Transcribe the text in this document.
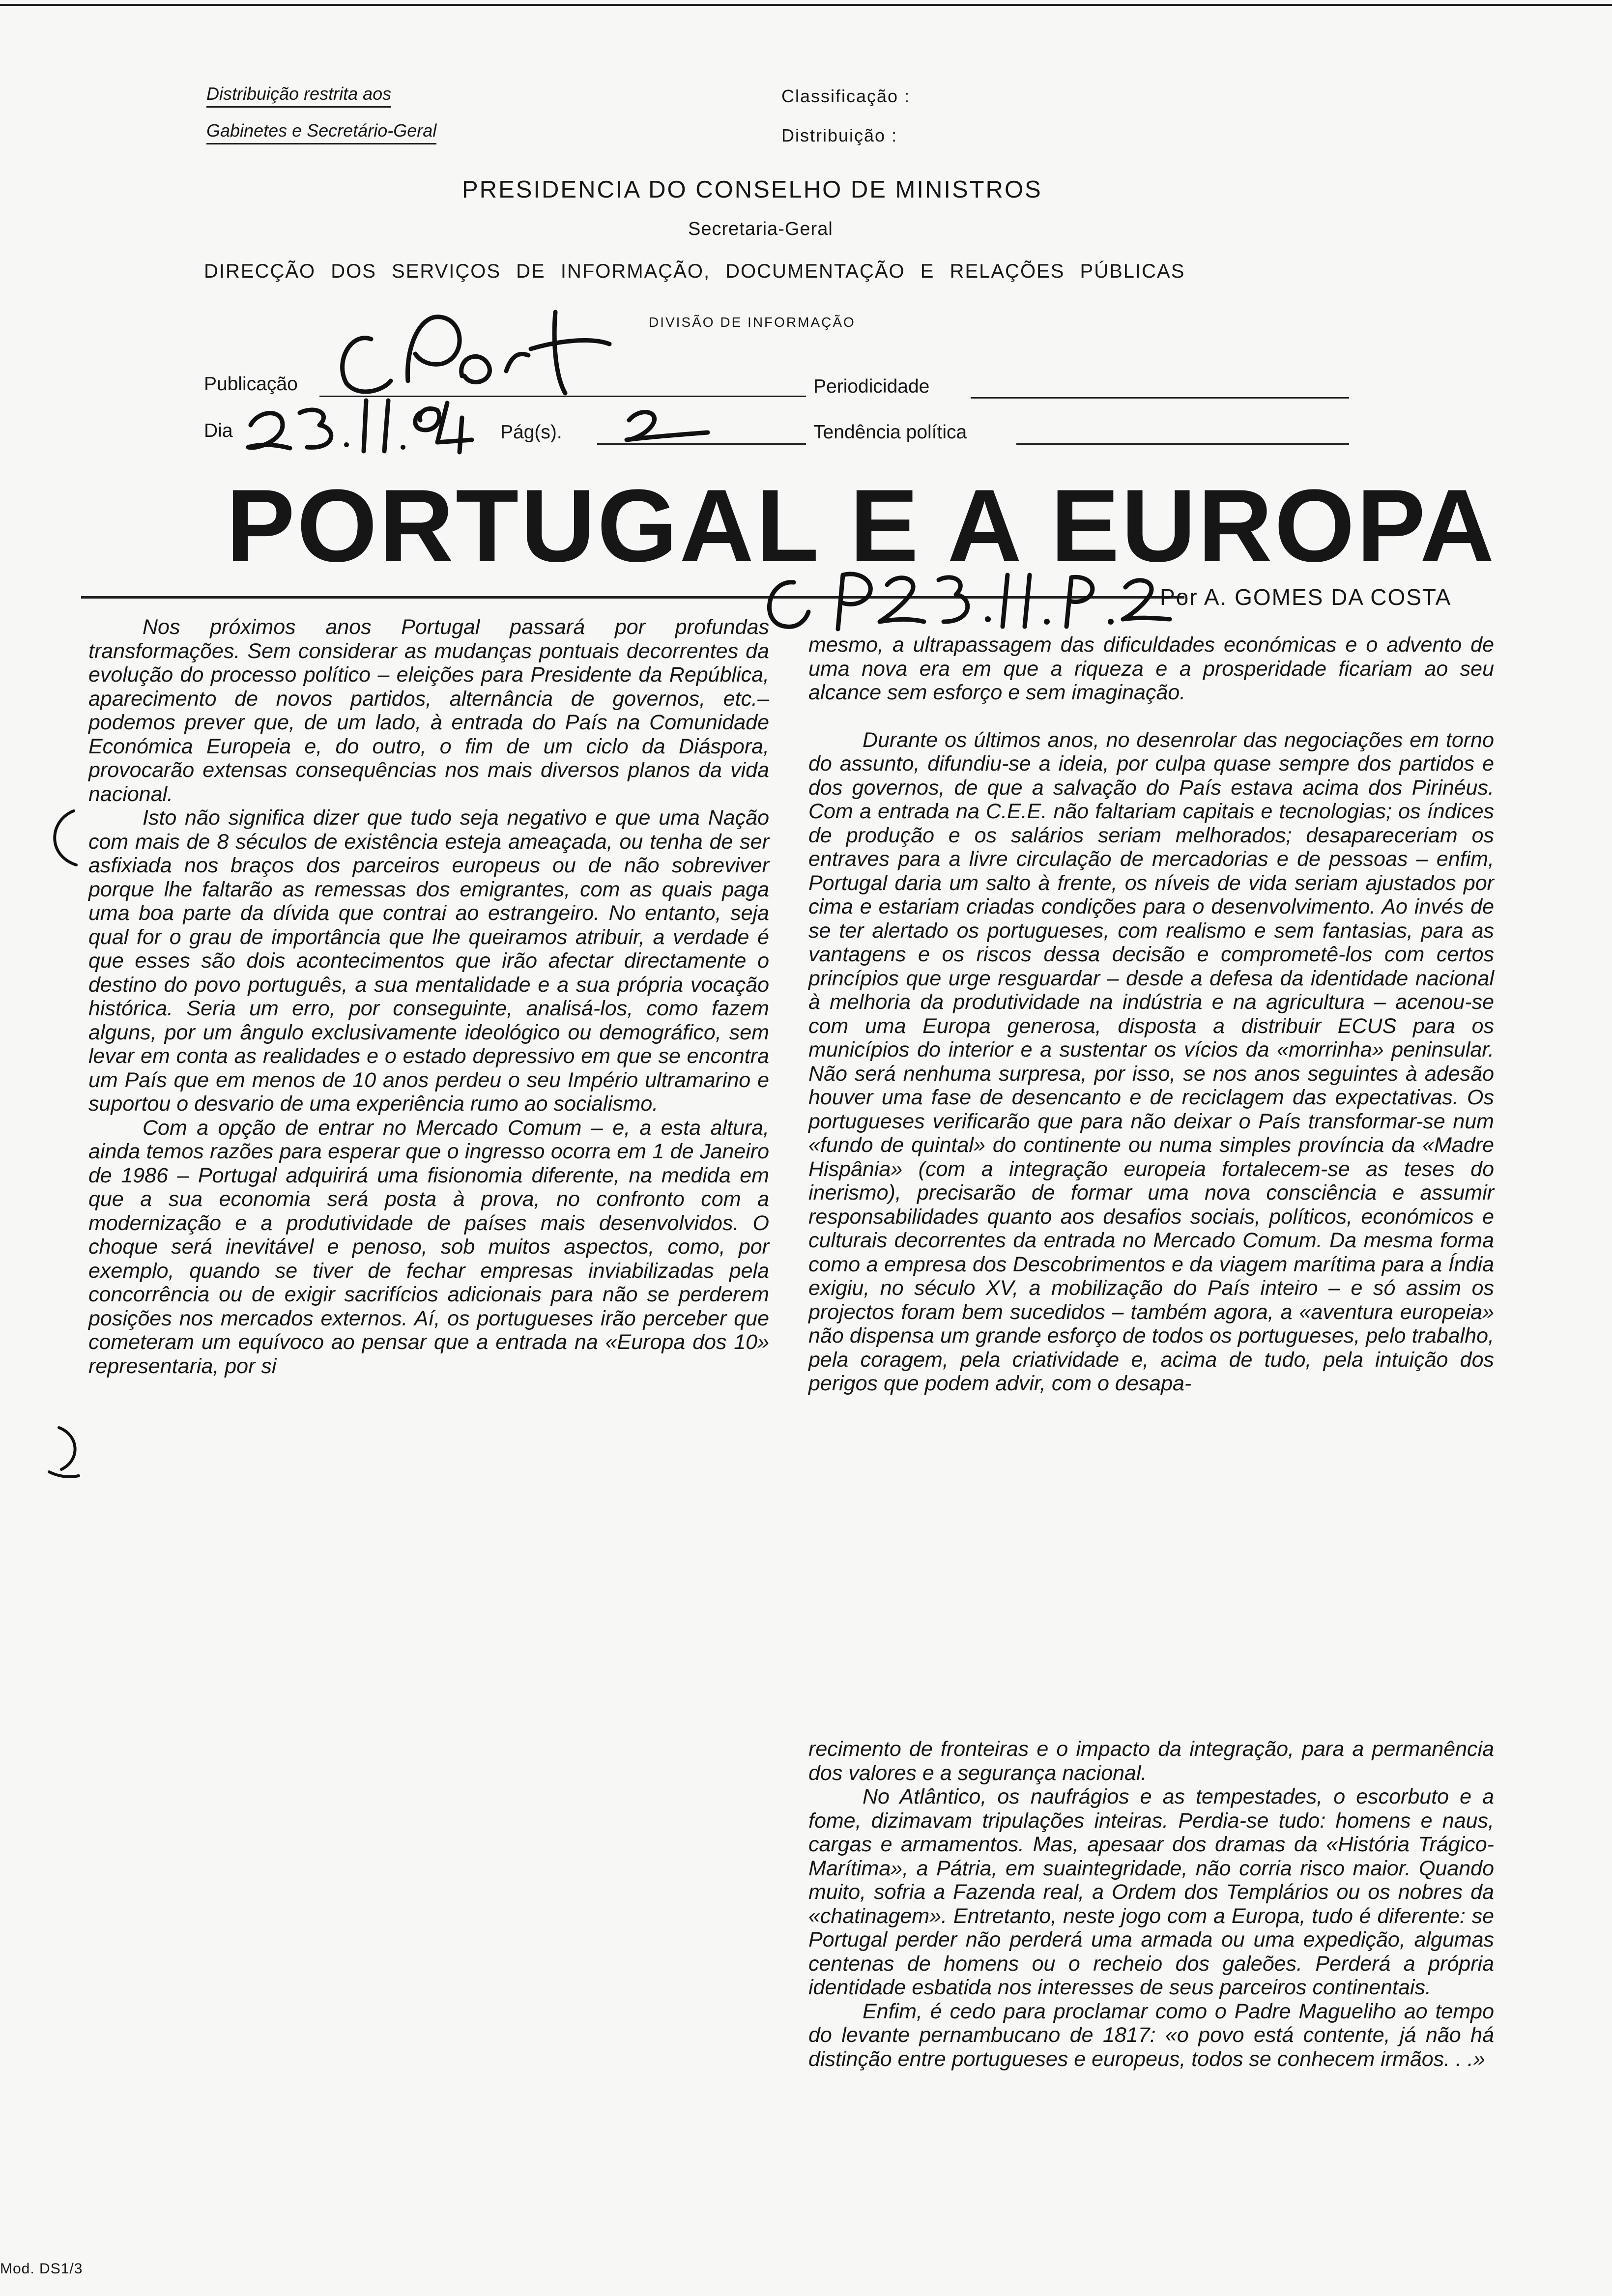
Distribuição restrita aos
Gabinetes e Secretário-Geral
Classificação :
Distribuição :
PRESIDENCIA DO CONSELHO DE MINISTROS
Secretaria-Geral
DIRECÇÃO DOS SERVIÇOS DE INFORMAÇÃO, DOCUMENTAÇÃO E RELAÇÕES PÚBLICAS
DIVISÃO DE INFORMAÇÃO
Publicação	Periodicidade
Dia	Pág(s).	Tendência política
PORTUGAL E A EUROPA
Por A. GOMES DA COSTA

Nos próximos anos Portugal passará por profundas transformações. Sem considerar as mudanças pontuais decorrentes da evolução do processo político – eleições para Presidente da República, aparecimento de novos partidos, alternância de governos, etc.– podemos prever que, de um lado, à entrada do País na Comunidade Económica Europeia e, do outro, o fim de um ciclo da Diáspora, provocarão extensas consequências nos mais diversos planos da vida nacional.

Isto não significa dizer que tudo seja negativo e que uma Nação com mais de 8 séculos de existência esteja ameaçada, ou tenha de ser asfixiada nos braços dos parceiros europeus ou de não sobreviver porque lhe faltarão as remessas dos emigrantes, com as quais paga uma boa parte da dívida que contrai ao estrangeiro. No entanto, seja qual for o grau de importância que lhe queiramos atribuir, a verdade é que esses são dois acontecimentos que irão afectar directamente o destino do povo português, a sua mentalidade e a sua própria vocação histórica. Seria um erro, por conseguinte, analisá-los, como fazem alguns, por um ângulo exclusivamente ideológico ou demográfico, sem levar em conta as realidades e o estado depressivo em que se encontra um País que em menos de 10 anos perdeu o seu Império ultramarino e suportou o desvario de uma experiência rumo ao socialismo.

Com a opção de entrar no Mercado Comum – e, a esta altura, ainda temos razões para esperar que o ingresso ocorra em 1 de Janeiro de 1986 – Portugal adquirirá uma fisionomia diferente, na medida em que a sua economia será posta à prova, no confronto com a modernização e a produtividade de países mais desenvolvidos. O choque será inevitável e penoso, sob muitos aspectos, como, por exemplo, quando se tiver de fechar empresas inviabilizadas pela concorrência ou de exigir sacrifícios adicionais para não se perderem posições nos mercados externos. Aí, os portugueses irão perceber que cometeram um equívoco ao pensar que a entrada na «Europa dos 10» representaria, por si

mesmo, a ultrapassagem das dificuldades económicas e o advento de uma nova era em que a riqueza e a prosperidade ficariam ao seu alcance sem esforço e sem imaginação.

Durante os últimos anos, no desenrolar das negociações em torno do assunto, difundiu-se a ideia, por culpa quase sempre dos partidos e dos governos, de que a salvação do País estava acima dos Pirinéus. Com a entrada na C.E.E. não faltariam capitais e tecnologias; os índices de produção e os salários seriam melhorados; desapareceriam os entraves para a livre circulação de mercadorias e de pessoas – enfim, Portugal daria um salto à frente, os níveis de vida seriam ajustados por cima e estariam criadas condições para o desenvolvimento. Ao invés de se ter alertado os portugueses, com realismo e sem fantasias, para as vantagens e os riscos dessa decisão e comprometê-los com certos princípios que urge resguardar – desde a defesa da identidade nacional à melhoria da produtividade na indústria e na agricultura – acenou-se com uma Europa generosa, disposta a distribuir ECUS para os municípios do interior e a sustentar os vícios da «morrinha» peninsular. Não será nenhuma surpresa, por isso, se nos anos seguintes à adesão houver uma fase de desencanto e de reciclagem das expectativas. Os portugueses verificarão que para não deixar o País transformar-se num «fundo de quintal» do continente ou numa simples província da «Madre Hispânia» (com a integração europeia fortalecem-se as teses do inerismo), precisarão de formar uma nova consciência e assumir responsabilidades quanto aos desafios sociais, políticos, económicos e culturais decorrentes da entrada no Mercado Comum. Da mesma forma como a empresa dos Descobrimentos e da viagem marítima para a Índia exigiu, no século XV, a mobilização do País inteiro – e só assim os projectos foram bem sucedidos – também agora, a «aventura europeia» não dispensa um grande esforço de todos os portugueses, pelo trabalho, pela coragem, pela criatividade e, acima de tudo, pela intuição dos perigos que podem advir, com o desapa-

recimento de fronteiras e o impacto da integração, para a permanência dos valores e a segurança nacional.

No Atlântico, os naufrágios e as tempestades, o escorbuto e a fome, dizimavam tripulações inteiras. Perdia-se tudo: homens e naus, cargas e armamentos. Mas, apesaar dos dramas da «História Trágico-Marítima», a Pátria, em suaintegridade, não corria risco maior. Quando muito, sofria a Fazenda real, a Ordem dos Templários ou os nobres da «chatinagem». Entretanto, neste jogo com a Europa, tudo é diferente: se Portugal perder não perderá uma armada ou uma expedição, algumas centenas de homens ou o recheio dos galeões. Perderá a própria identidade esbatida nos interesses de seus parceiros continentais.

Enfim, é cedo para proclamar como o Padre Magueliho ao tempo do levante pernambucano de 1817: «o povo está contente, já não há distinção entre portugueses e europeus, todos se conhecem irmãos. . .»

Mod. DS1/3
